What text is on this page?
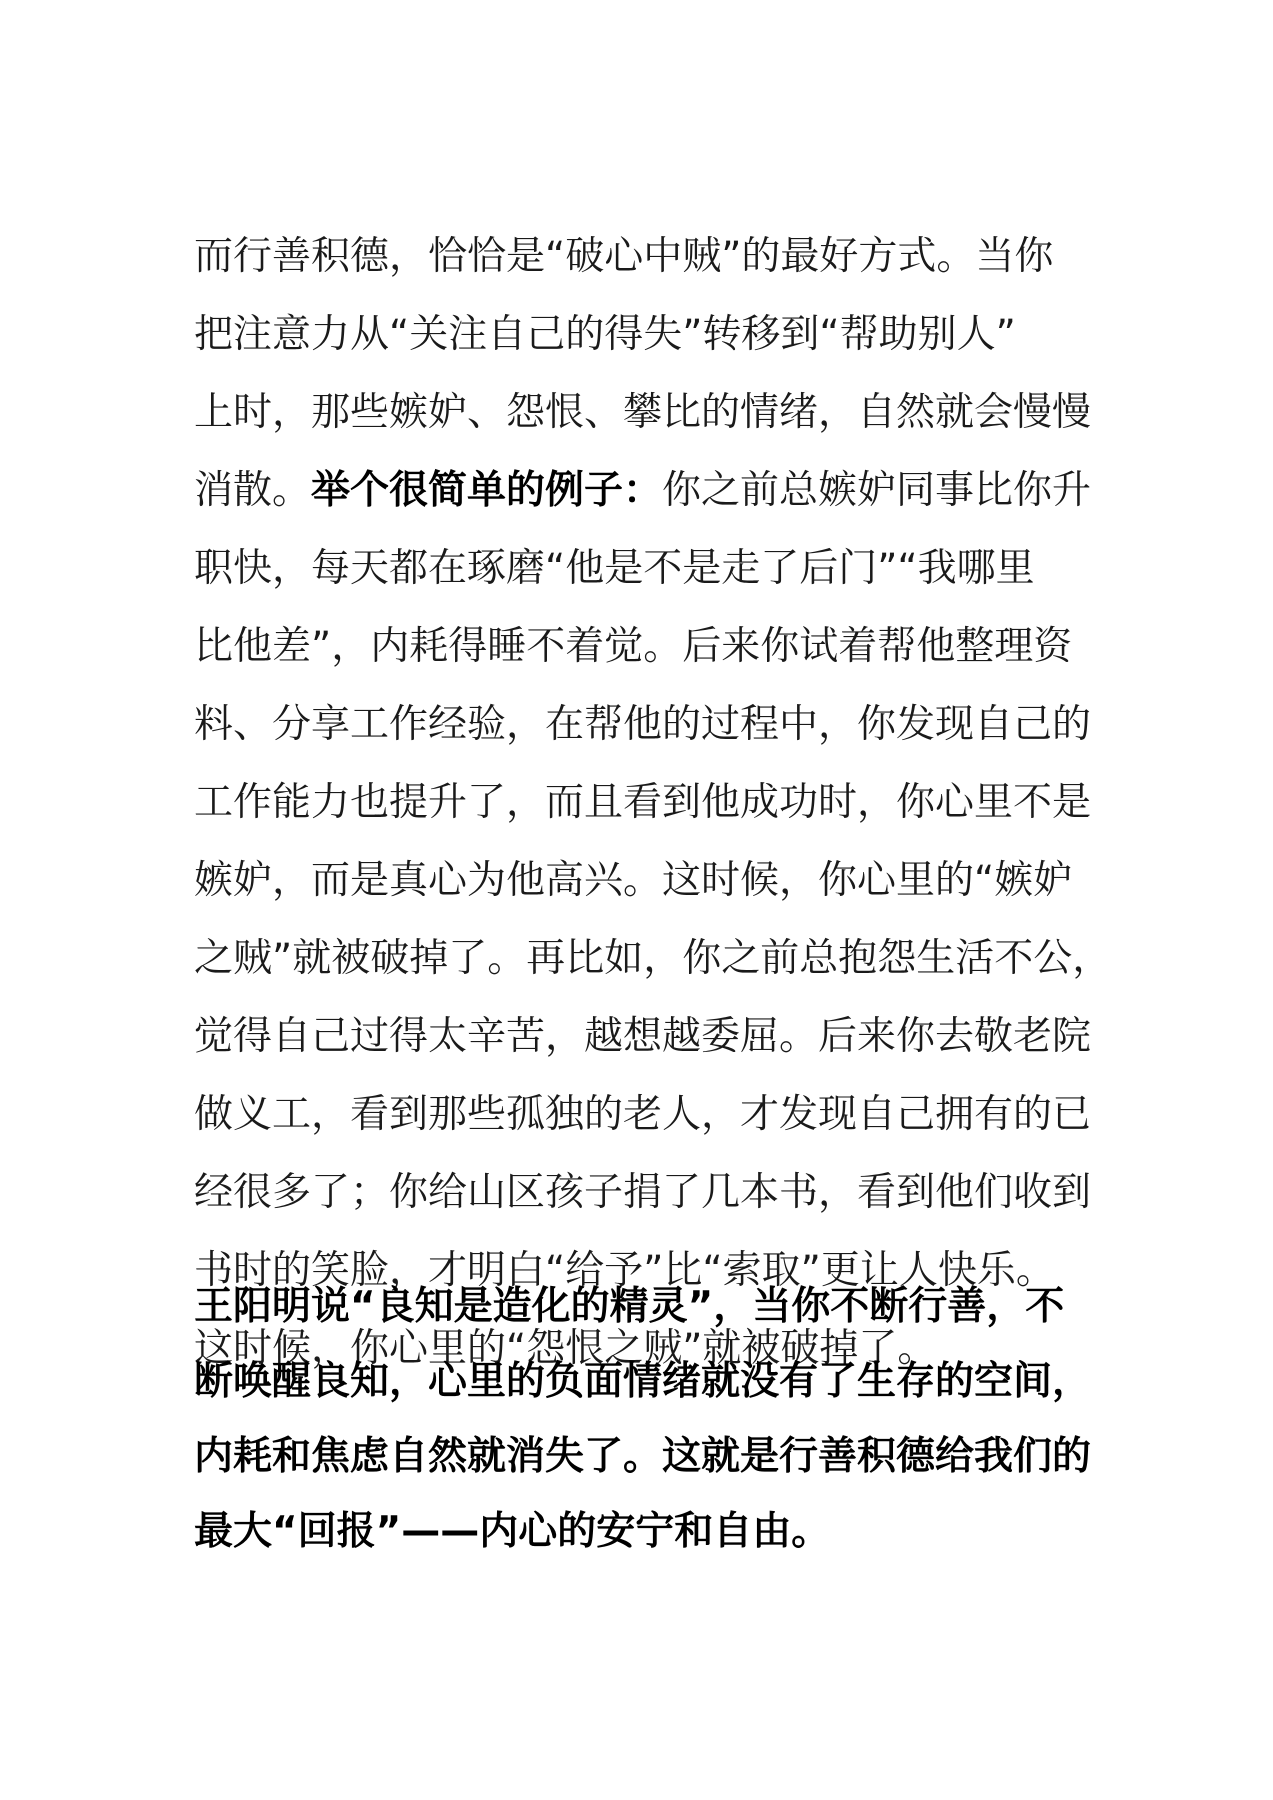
而行善积德，恰恰是“破心中贼”的最好方式。当你
把注意力从“关注自己的得失”转移到“帮助别人”
上时，那些嫉妒、怨恨、攀比的情绪，自然就会慢慢
消散。举个很简单的例子：你之前总嫉妒同事比你升
职快，每天都在琢磨“他是不是走了后门”“我哪里
比他差”，内耗得睡不着觉。后来你试着帮他整理资
料、分享工作经验，在帮他的过程中，你发现自己的
工作能力也提升了，而且看到他成功时，你心里不是
嫉妒，而是真心为他高兴。这时候，你心里的“嫉妒
之贼”就被破掉了。再比如，你之前总抱怨生活不公，
觉得自己过得太辛苦，越想越委屈。后来你去敬老院
做义工，看到那些孤独的老人，才发现自己拥有的已
经很多了；你给山区孩子捐了几本书，看到他们收到
书时的笑脸，才明白“给予”比“索取”更让人快乐。
这时候，你心里的“怨恨之贼”就被破掉了。
王阳明说“良知是造化的精灵”，当你不断行善，不
断唤醒良知，心里的负面情绪就没有了生存的空间，
内耗和焦虑自然就消失了。这就是行善积德给我们的
最大“回报”——内心的安宁和自由。
